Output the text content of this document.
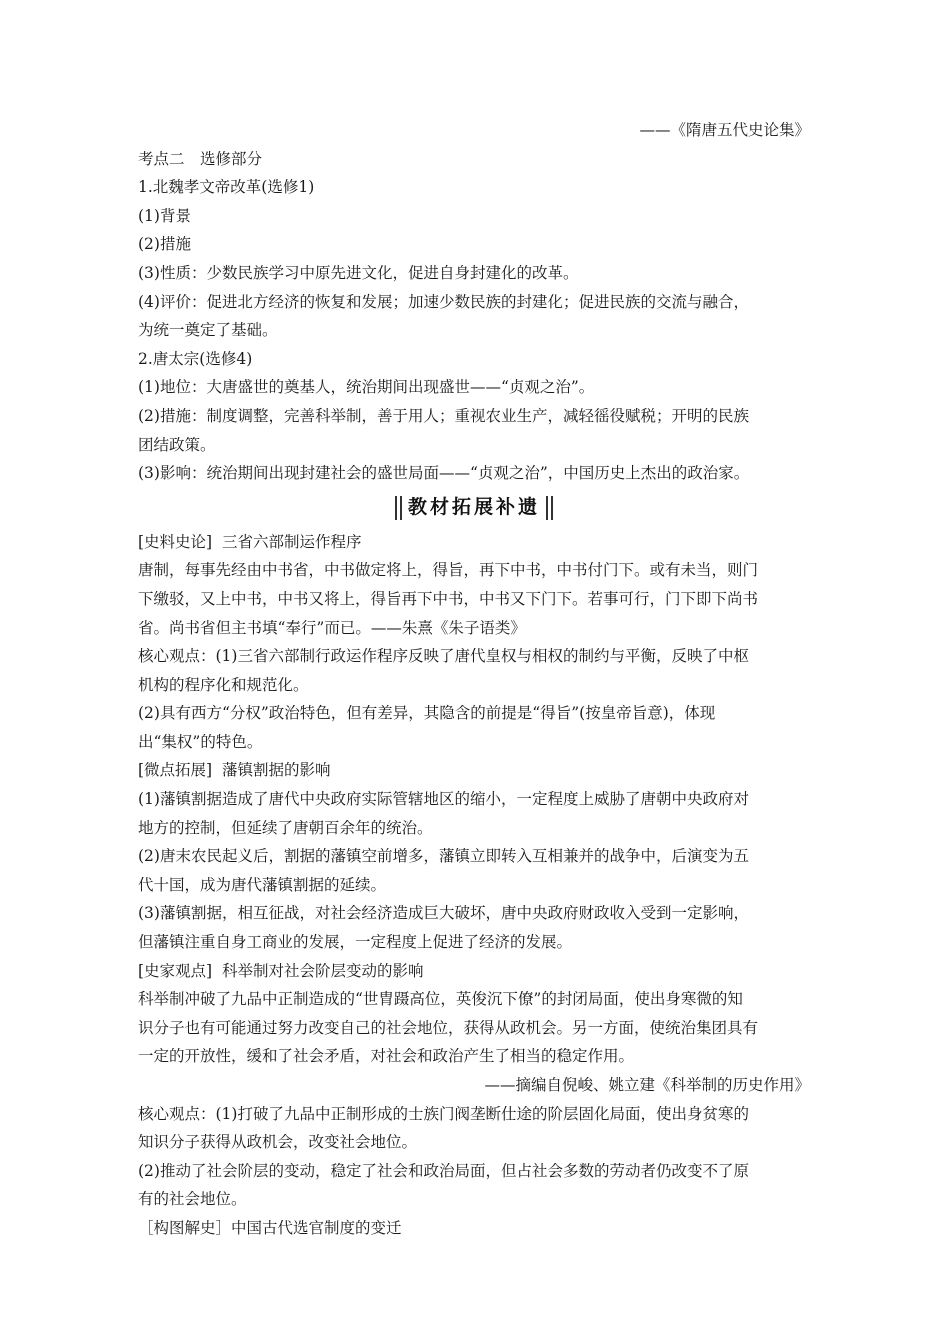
——《隋唐五代史论集》
考点二　选修部分
1.北魏孝文帝改革(选修1)
(1)背景
(2)措施
(3)性质：少数民族学习中原先进文化，促进自身封建化的改革。
(4)评价：促进北方经济的恢复和发展；加速少数民族的封建化；促进民族的交流与融合，
为统一奠定了基础。
2.唐太宗(选修4)
(1)地位：大唐盛世的奠基人，统治期间出现盛世——“贞观之治”。
(2)措施：制度调整，完善科举制，善于用人；重视农业生产，减轻徭役赋税；开明的民族
团结政策。
(3)影响：统治期间出现封建社会的盛世局面——“贞观之治”，中国历史上杰出的政治家。
教材拓展补遗
[史料史论]  三省六部制运作程序
唐制，每事先经由中书省，中书做定将上，得旨，再下中书，中书付门下。或有未当，则门
下缴驳，又上中书，中书又将上，得旨再下中书，中书又下门下。若事可行，门下即下尚书
省。尚书省但主书填“奉行”而已。——朱熹《朱子语类》
核心观点：(1)三省六部制行政运作程序反映了唐代皇权与相权的制约与平衡，反映了中枢
机构的程序化和规范化。
(2)具有西方“分权”政治特色，但有差异，其隐含的前提是“得旨”(按皇帝旨意)，体现
出“集权”的特色。
[微点拓展]  藩镇割据的影响
(1)藩镇割据造成了唐代中央政府实际管辖地区的缩小，一定程度上威胁了唐朝中央政府对
地方的控制，但延续了唐朝百余年的统治。
(2)唐末农民起义后，割据的藩镇空前增多，藩镇立即转入互相兼并的战争中，后演变为五
代十国，成为唐代藩镇割据的延续。
(3)藩镇割据，相互征战，对社会经济造成巨大破坏，唐中央政府财政收入受到一定影响，
但藩镇注重自身工商业的发展，一定程度上促进了经济的发展。
[史家观点]  科举制对社会阶层变动的影响
科举制冲破了九品中正制造成的“世胄蹑高位，英俊沉下僚”的封闭局面，使出身寒微的知
识分子也有可能通过努力改变自己的社会地位，获得从政机会。另一方面，使统治集团具有
一定的开放性，缓和了社会矛盾，对社会和政治产生了相当的稳定作用。
——摘编自倪峻、姚立建《科举制的历史作用》
核心观点：(1)打破了九品中正制形成的士族门阀垄断仕途的阶层固化局面，使出身贫寒的
知识分子获得从政机会，改变社会地位。
(2)推动了社会阶层的变动，稳定了社会和政治局面，但占社会多数的劳动者仍改变不了原
有的社会地位。
［构图解史］中国古代选官制度的变迁
